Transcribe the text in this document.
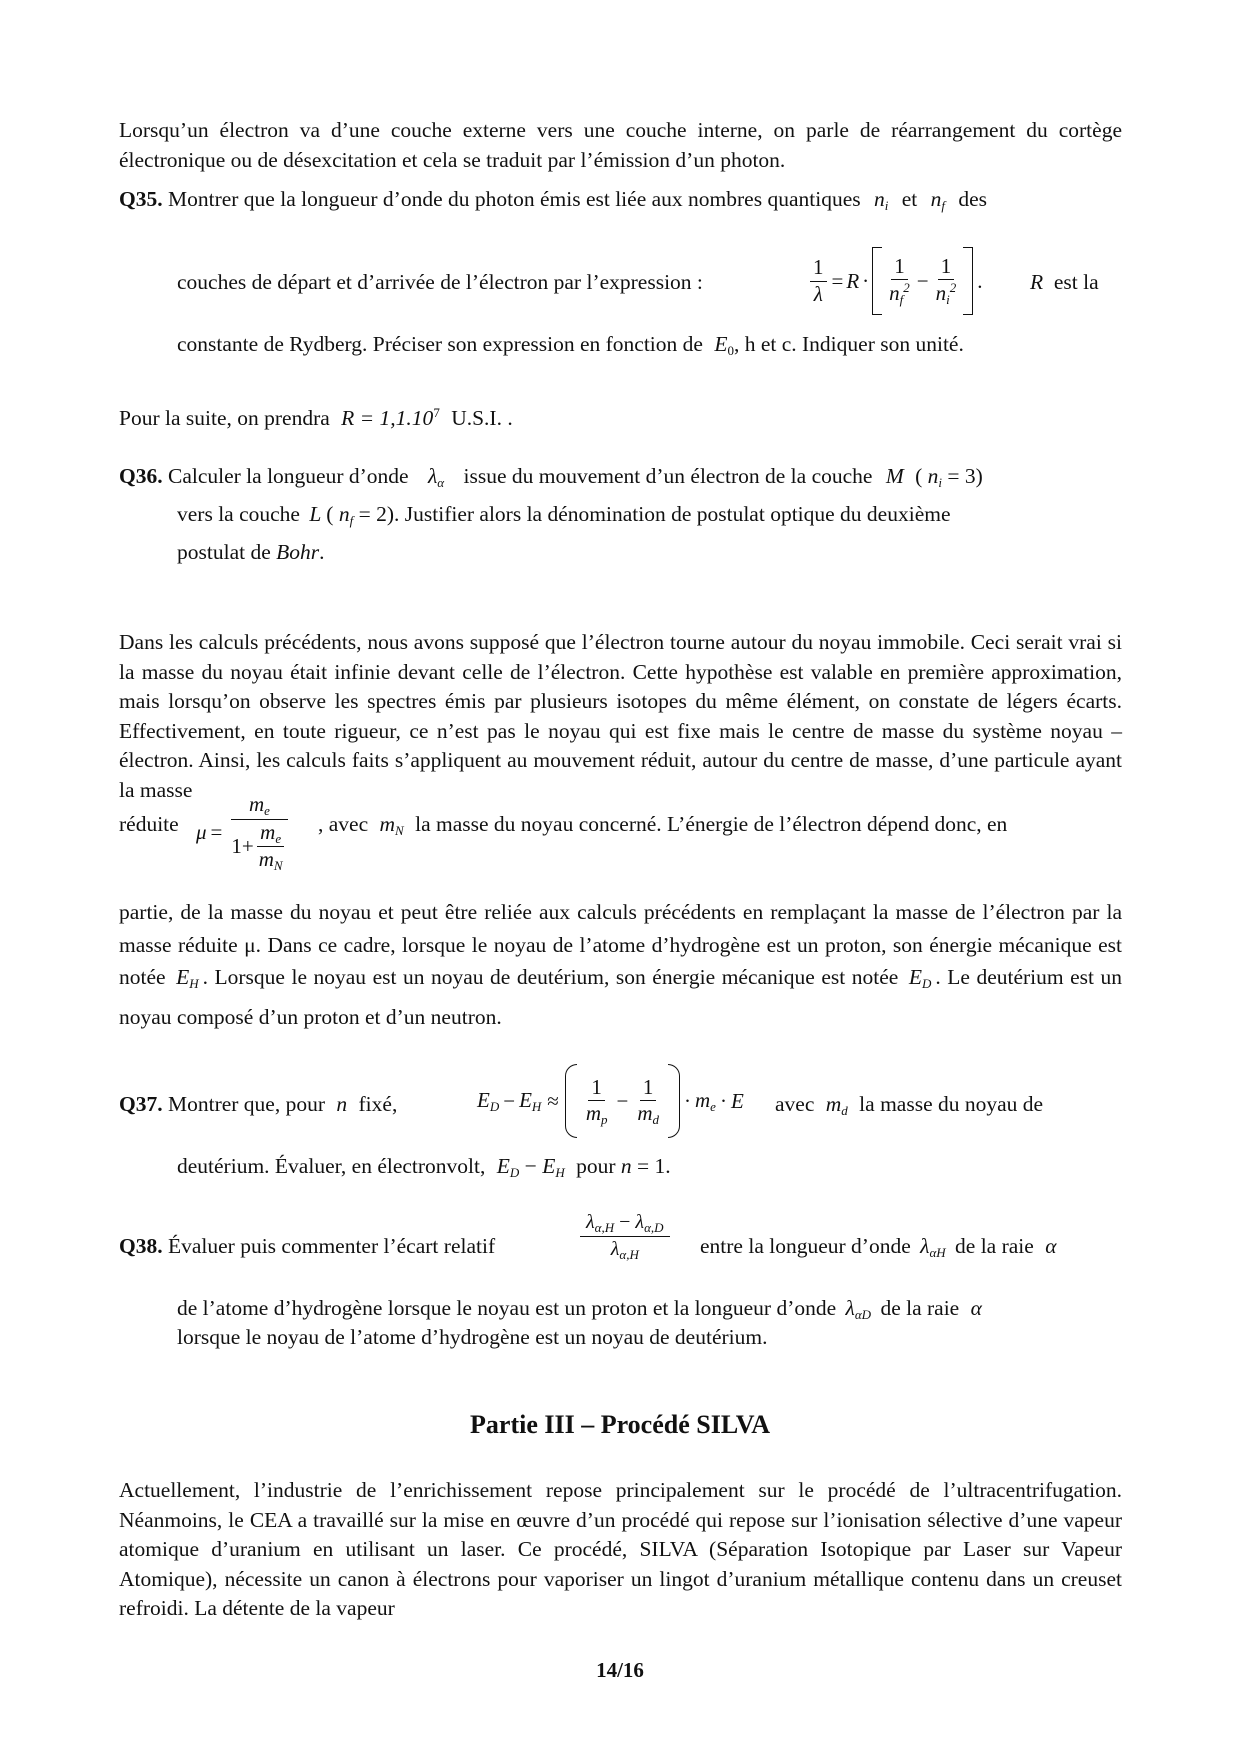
Lorsqu’un électron va d’une couche externe vers une couche interne, on parle de réarrangement du cortège électronique ou de désexcitation et cela se traduit par l’émission d’un photon.

Q35. Montrer que la longueur d’onde du photon émis est liée aux nombres quantiques $n_i$ et $n_f$ des
couches de départ et d’arrivée de l’électron par l’expression :	$\frac{1}{\lambda} = R \cdot \frac{1}{n_f^2} - \frac{1}{n_i^2}$ . R est la
constante de Rydberg. Préciser son expression en fonction de $E_0$, h et c. Indiquer son unité.
Pour la suite, on prendra $R = 1,1.10^7$ U.S.I. .
Q36. Calculer la longueur d’onde $\lambda_\alpha$ issue du mouvement d’un électron de la couche M ( $n_i = 3$)
vers la couche L ( $n_f = 2$). Justifier alors la dénomination de postulat optique du deuxième
postulat de Bohr.

Dans les calculs précédents, nous avons supposé que l’électron tourne autour du noyau immobile. Ceci serait vrai si la masse du noyau était infinie devant celle de l’électron. Cette hypothèse est valable en première approximation, mais lorsqu’on observe les spectres émis par plusieurs isotopes du même élément, on constate de légers écarts. Effectivement, en toute rigueur, ce n’est pas le noyau qui est fixe mais le centre de masse du système noyau – électron. Ainsi, les calculs faits s’appliquent au mouvement réduit, autour du centre de masse, d’une particule ayant la masse

réduite $\mu = \frac{m_e}{1+ \frac{m_e}{m_N}}$ , avec $m_N$ la masse du noyau concerné. L’énergie de l’électron dépend donc, en

partie, de la masse du noyau et peut être reliée aux calculs précédents en remplaçant la masse de l’électron par la masse réduite μ. Dans ce cadre, lorsque le noyau de l’atome d’hydrogène est un proton, son énergie mécanique est notée $E_H$ . Lorsque le noyau est un noyau de deutérium, son énergie mécanique est notée $E_D$ . Le deutérium est un noyau composé d’un proton et d’un neutron.

Q37. Montrer que, pour n fixé,	$E_D - E_H \approx \frac{1}{m_p} - \frac{1}{m_d} \cdot m_e \cdot E$ avec $m_d$ la masse du noyau de
deutérium. Évaluer, en électronvolt, $E_D - E_H$ pour n = 1.
Q38. Évaluer puis commenter l’écart relatif	$\frac{\lambda_{\alpha,H} - \lambda_{\alpha,D}}{\lambda_{\alpha,H}}$ entre la longueur d’onde $\lambda_{\alpha H}$ de la raie α
de l’atome d’hydrogène lorsque le noyau est un proton et la longueur d’onde $\lambda_{\alpha D}$ de la raie α
lorsque le noyau de l’atome d’hydrogène est un noyau de deutérium.
Partie III – Procédé SILVA

Actuellement, l’industrie de l’enrichissement repose principalement sur le procédé de l’ultracentrifugation. Néanmoins, le CEA a travaillé sur la mise en œuvre d’un procédé qui repose sur l’ionisation sélective d’une vapeur atomique d’uranium en utilisant un laser. Ce procédé, SILVA (Séparation Isotopique par Laser sur Vapeur Atomique), nécessite un canon à électrons pour vaporiser un lingot d’uranium métallique contenu dans un creuset refroidi. La détente de la vapeur

14/16
